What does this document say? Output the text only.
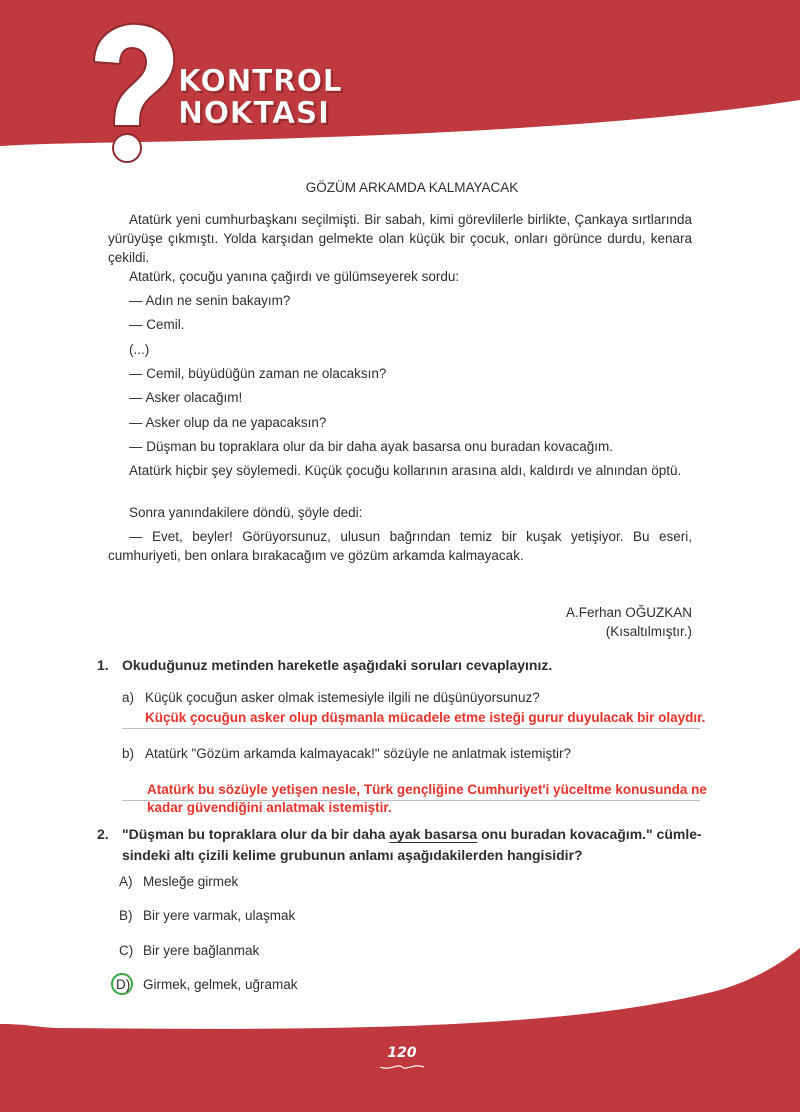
KONTROL
NOKTASI
GÖZÜM ARKAMDA KALMAYACAK
Atatürk yeni cumhurbaşkanı seçilmişti. Bir sabah, kimi görevlilerle birlikte, Çankaya sırtlarında yürüyüşe çıkmıştı. Yolda karşıdan gelmekte olan küçük bir çocuk, onları görünce durdu, kenara çekildi.
Atatürk, çocuğu yanına çağırdı ve gülümseyerek sordu:
— Adın ne senin bakayım?
— Cemil.
(...)
— Cemil, büyüdüğün zaman ne olacaksın?
— Asker olacağım!
— Asker olup da ne yapacaksın?
— Düşman bu topraklara olur da bir daha ayak basarsa onu buradan kovacağım.
Atatürk hiçbir şey söylemedi. Küçük çocuğu kollarının arasına aldı, kaldırdı ve alnından öptü.
Sonra yanındakilere döndü, şöyle dedi:
— Evet, beyler! Görüyorsunuz, ulusun bağrından temiz bir kuşak yetişiyor. Bu eseri, cumhuriyeti, ben onlara bırakacağım ve gözüm arkamda kalmayacak.
A.Ferhan OĞUZKAN
(Kısaltılmıştır.)
1. Okuduğunuz metinden hareketle aşağıdaki soruları cevaplayınız.
a) Küçük çocuğun asker olmak istemesiyle ilgili ne düşünüyorsunuz?
Küçük çocuğun asker olup düşmanla mücadele etme isteği gurur duyulacak bir olaydır.
b) Atatürk "Gözüm arkamda kalmayacak!" sözüyle ne anlatmak istemiştir?
Atatürk bu sözüyle yetişen nesle, Türk gençliğine Cumhuriyet'i yüceltme konusunda ne
kadar güvendiğini anlatmak istemiştir.
2. "Düşman bu topraklara olur da bir daha ayak basarsa onu buradan kovacağım." cümle-
sindeki altı çizili kelime grubunun anlamı aşağıdakilerden hangisidir?
A) Mesleğe girmek
B) Bir yere varmak, ulaşmak
C) Bir yere bağlanmak
D) Girmek, gelmek, uğramak
120
